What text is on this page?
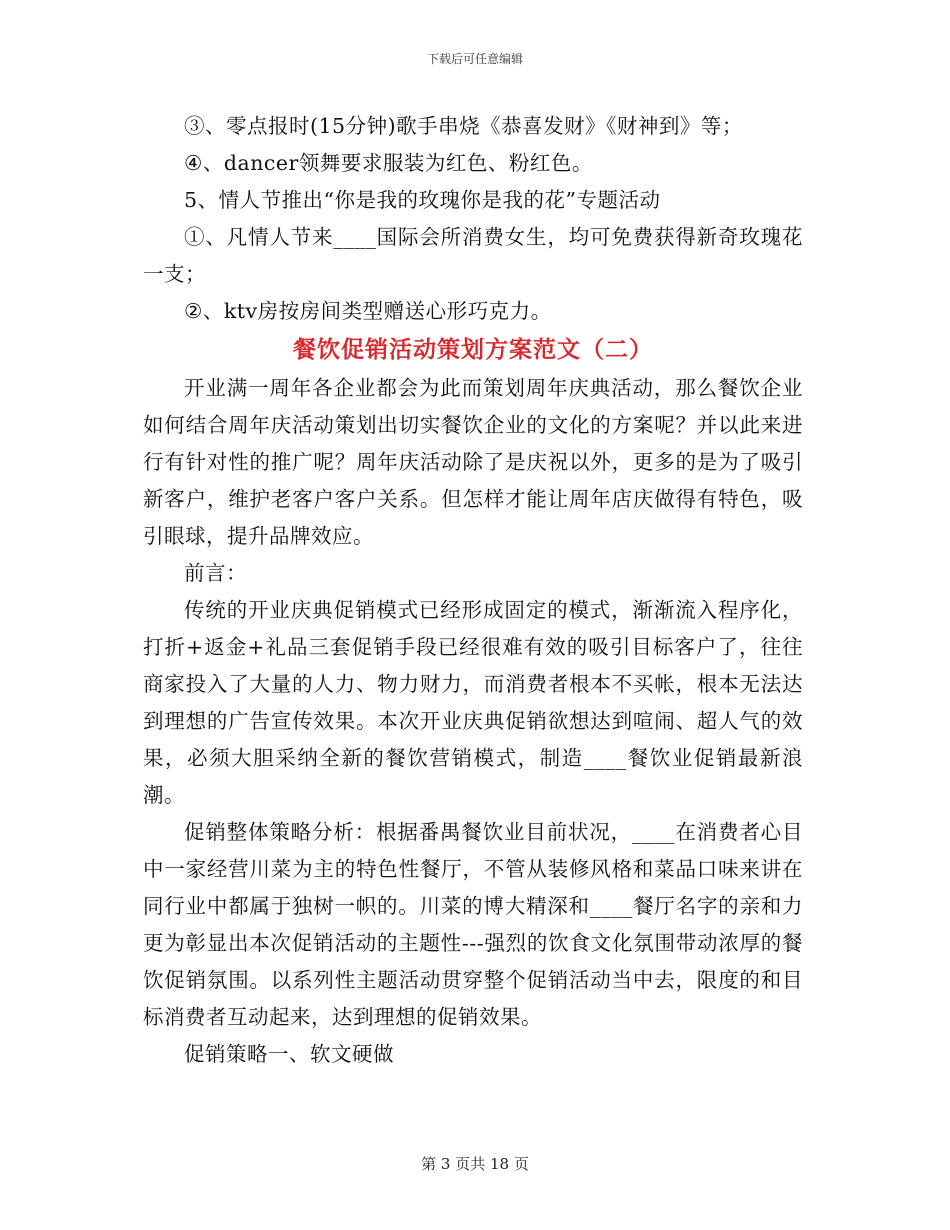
下载后可任意编辑

③、零点报时(15分钟)歌手串烧《恭喜发财》《财神到》等；

④、dancer领舞要求服装为红色、粉红色。

5、情人节推出“你是我的玫瑰你是我的花”专题活动

①、凡情人节来____国际会所消费女生，均可免费获得新奇玫瑰花一支；

②、ktv房按房间类型赠送心形巧克力。

餐饮促销活动策划方案范文（二）

开业满一周年各企业都会为此而策划周年庆典活动，那么餐饮企业如何结合周年庆活动策划出切实餐饮企业的文化的方案呢？并以此来进行有针对性的推广呢？周年庆活动除了是庆祝以外，更多的是为了吸引新客户，维护老客户客户关系。但怎样才能让周年店庆做得有特色，吸引眼球，提升品牌效应。

前言：

传统的开业庆典促销模式已经形成固定的模式，渐渐流入程序化，打折+返金+礼品三套促销手段已经很难有效的吸引目标客户了，往往商家投入了大量的人力、物力财力，而消费者根本不买帐，根本无法达到理想的广告宣传效果。本次开业庆典促销欲想达到喧闹、超人气的效果，必须大胆采纳全新的餐饮营销模式，制造____餐饮业促销最新浪潮。

促销整体策略分析：根据番禺餐饮业目前状况，____在消费者心目中一家经营川菜为主的特色性餐厅，不管从装修风格和菜品口味来讲在同行业中都属于独树一帜的。川菜的博大精深和____餐厅名字的亲和力更为彰显出本次促销活动的主题性---强烈的饮食文化氛围带动浓厚的餐饮促销氛围。以系列性主题活动贯穿整个促销活动当中去，限度的和目标消费者互动起来，达到理想的促销效果。

促销策略一、软文硬做

第 3 页共 18 页
